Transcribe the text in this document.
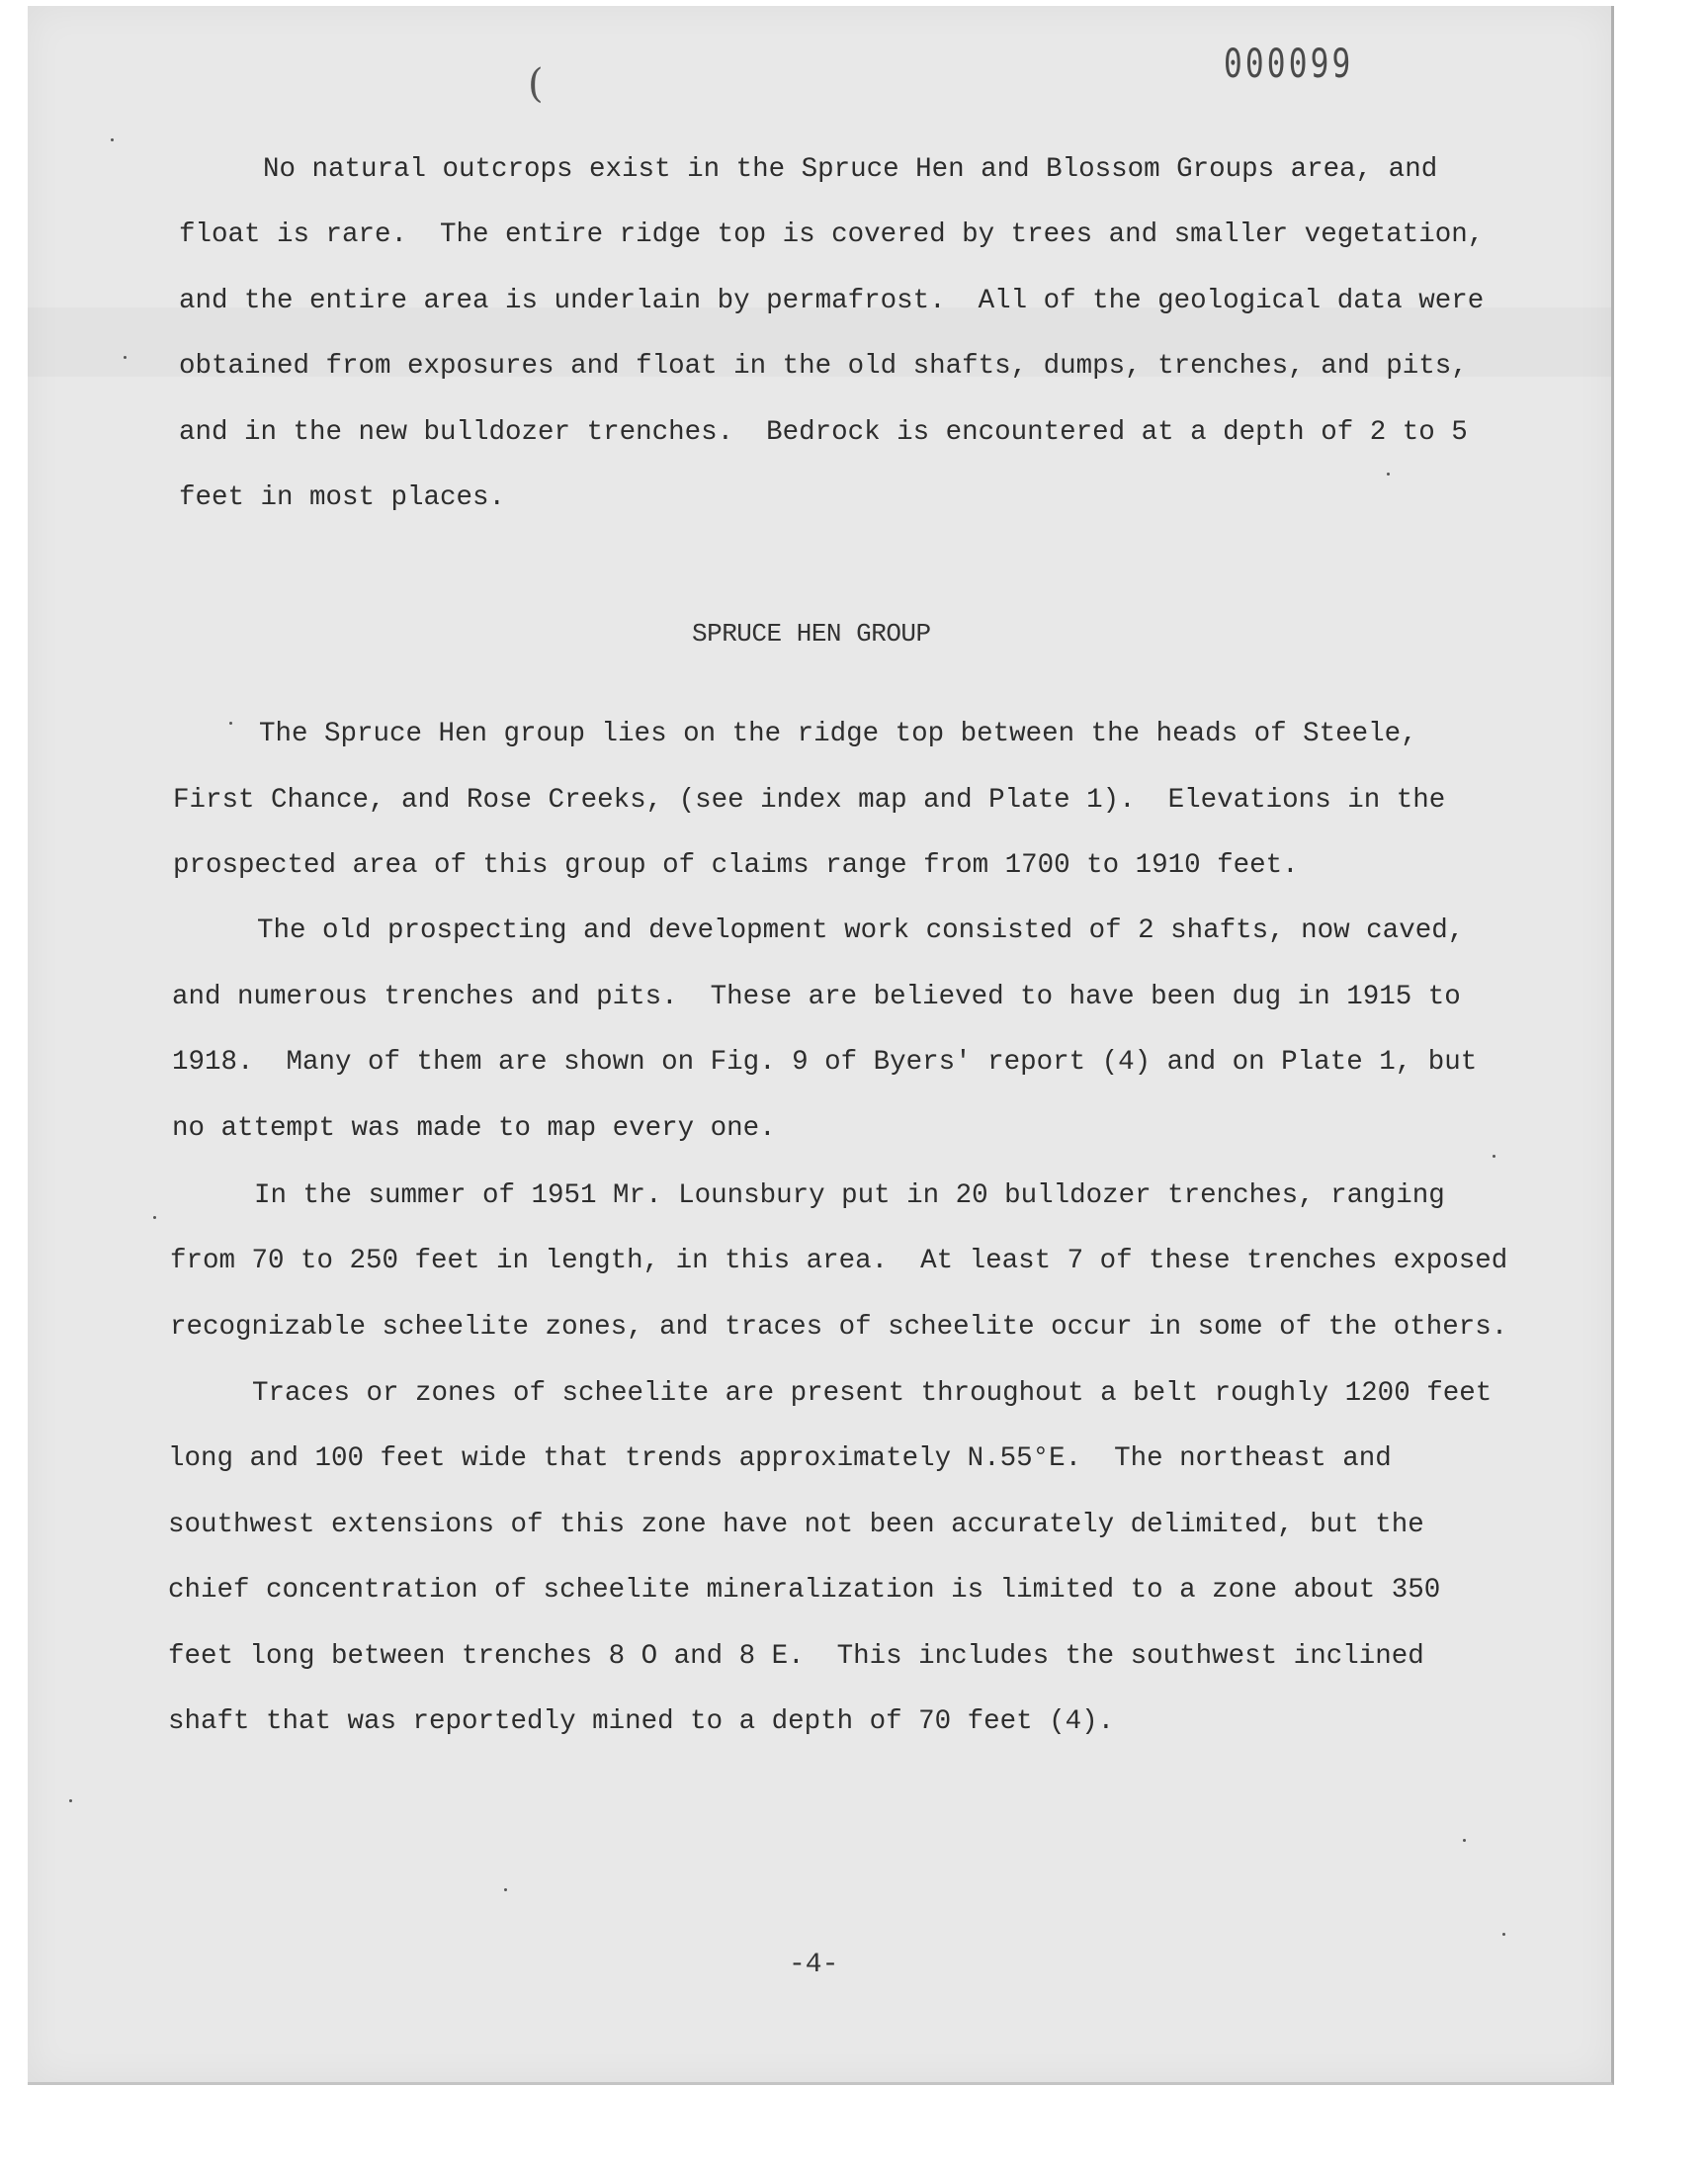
(	000099
No natural outcrops exist in the Spruce Hen and Blossom Groups area, and
float is rare.  The entire ridge top is covered by trees and smaller vegetation,
and the entire area is underlain by permafrost.  All of the geological data were
obtained from exposures and float in the old shafts, dumps, trenches, and pits,
and in the new bulldozer trenches.  Bedrock is encountered at a depth of 2 to 5
feet in most places.
The Spruce Hen group lies on the ridge top between the heads of Steele,
First Chance, and Rose Creeks, (see index map and Plate 1).  Elevations in the
prospected area of this group of claims range from 1700 to 1910 feet.
The old prospecting and development work consisted of 2 shafts, now caved,
and numerous trenches and pits.  These are believed to have been dug in 1915 to
1918.  Many of them are shown on Fig. 9 of Byers' report (4) and on Plate 1, but
no attempt was made to map every one.
In the summer of 1951 Mr. Lounsbury put in 20 bulldozer trenches, ranging
from 70 to 250 feet in length, in this area.  At least 7 of these trenches exposed
recognizable scheelite zones, and traces of scheelite occur in some of the others.
Traces or zones of scheelite are present throughout a belt roughly 1200 feet
long and 100 feet wide that trends approximately N.55°E.  The northeast and
southwest extensions of this zone have not been accurately delimited, but the
chief concentration of scheelite mineralization is limited to a zone about 350
feet long between trenches 8 O and 8 E.  This includes the southwest inclined
shaft that was reportedly mined to a depth of 70 feet (4).
SPRUCE HEN GROUP
-4-
